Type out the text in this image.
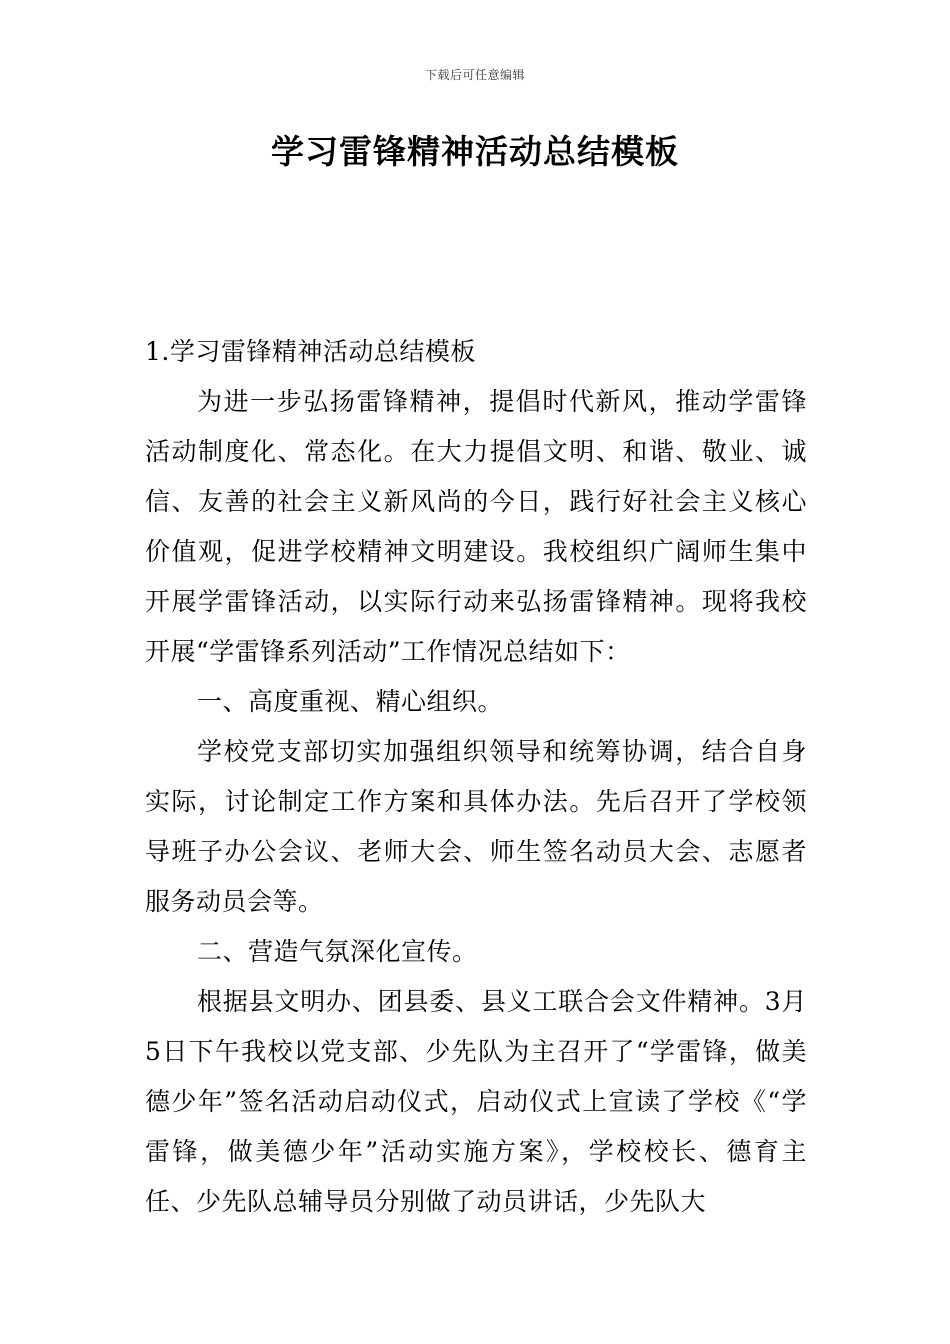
下载后可任意编辑
学习雷锋精神活动总结模板

1.学习雷锋精神活动总结模板

为进一步弘扬雷锋精神，提倡时代新风，推动学雷锋活动制度化、常态化。在大力提倡文明、和谐、敬业、诚信、友善的社会主义新风尚的今日，践行好社会主义核心价值观，促进学校精神文明建设。我校组织广阔师生集中开展学雷锋活动，以实际行动来弘扬雷锋精神。现将我校开展“学雷锋系列活动”工作情况总结如下：

一、高度重视、精心组织。

学校党支部切实加强组织领导和统筹协调，结合自身实际，讨论制定工作方案和具体办法。先后召开了学校领导班子办公会议、老师大会、师生签名动员大会、志愿者服务动员会等。

二、营造气氛深化宣传。

根据县文明办、团县委、县义工联合会文件精神。3月5日下午我校以党支部、少先队为主召开了“学雷锋，做美德少年”签名活动启动仪式，启动仪式上宣读了学校《“学雷锋，做美德少年”活动实施方案》，学校校长、德育主任、少先队总辅导员分别做了动员讲话，少先队大
